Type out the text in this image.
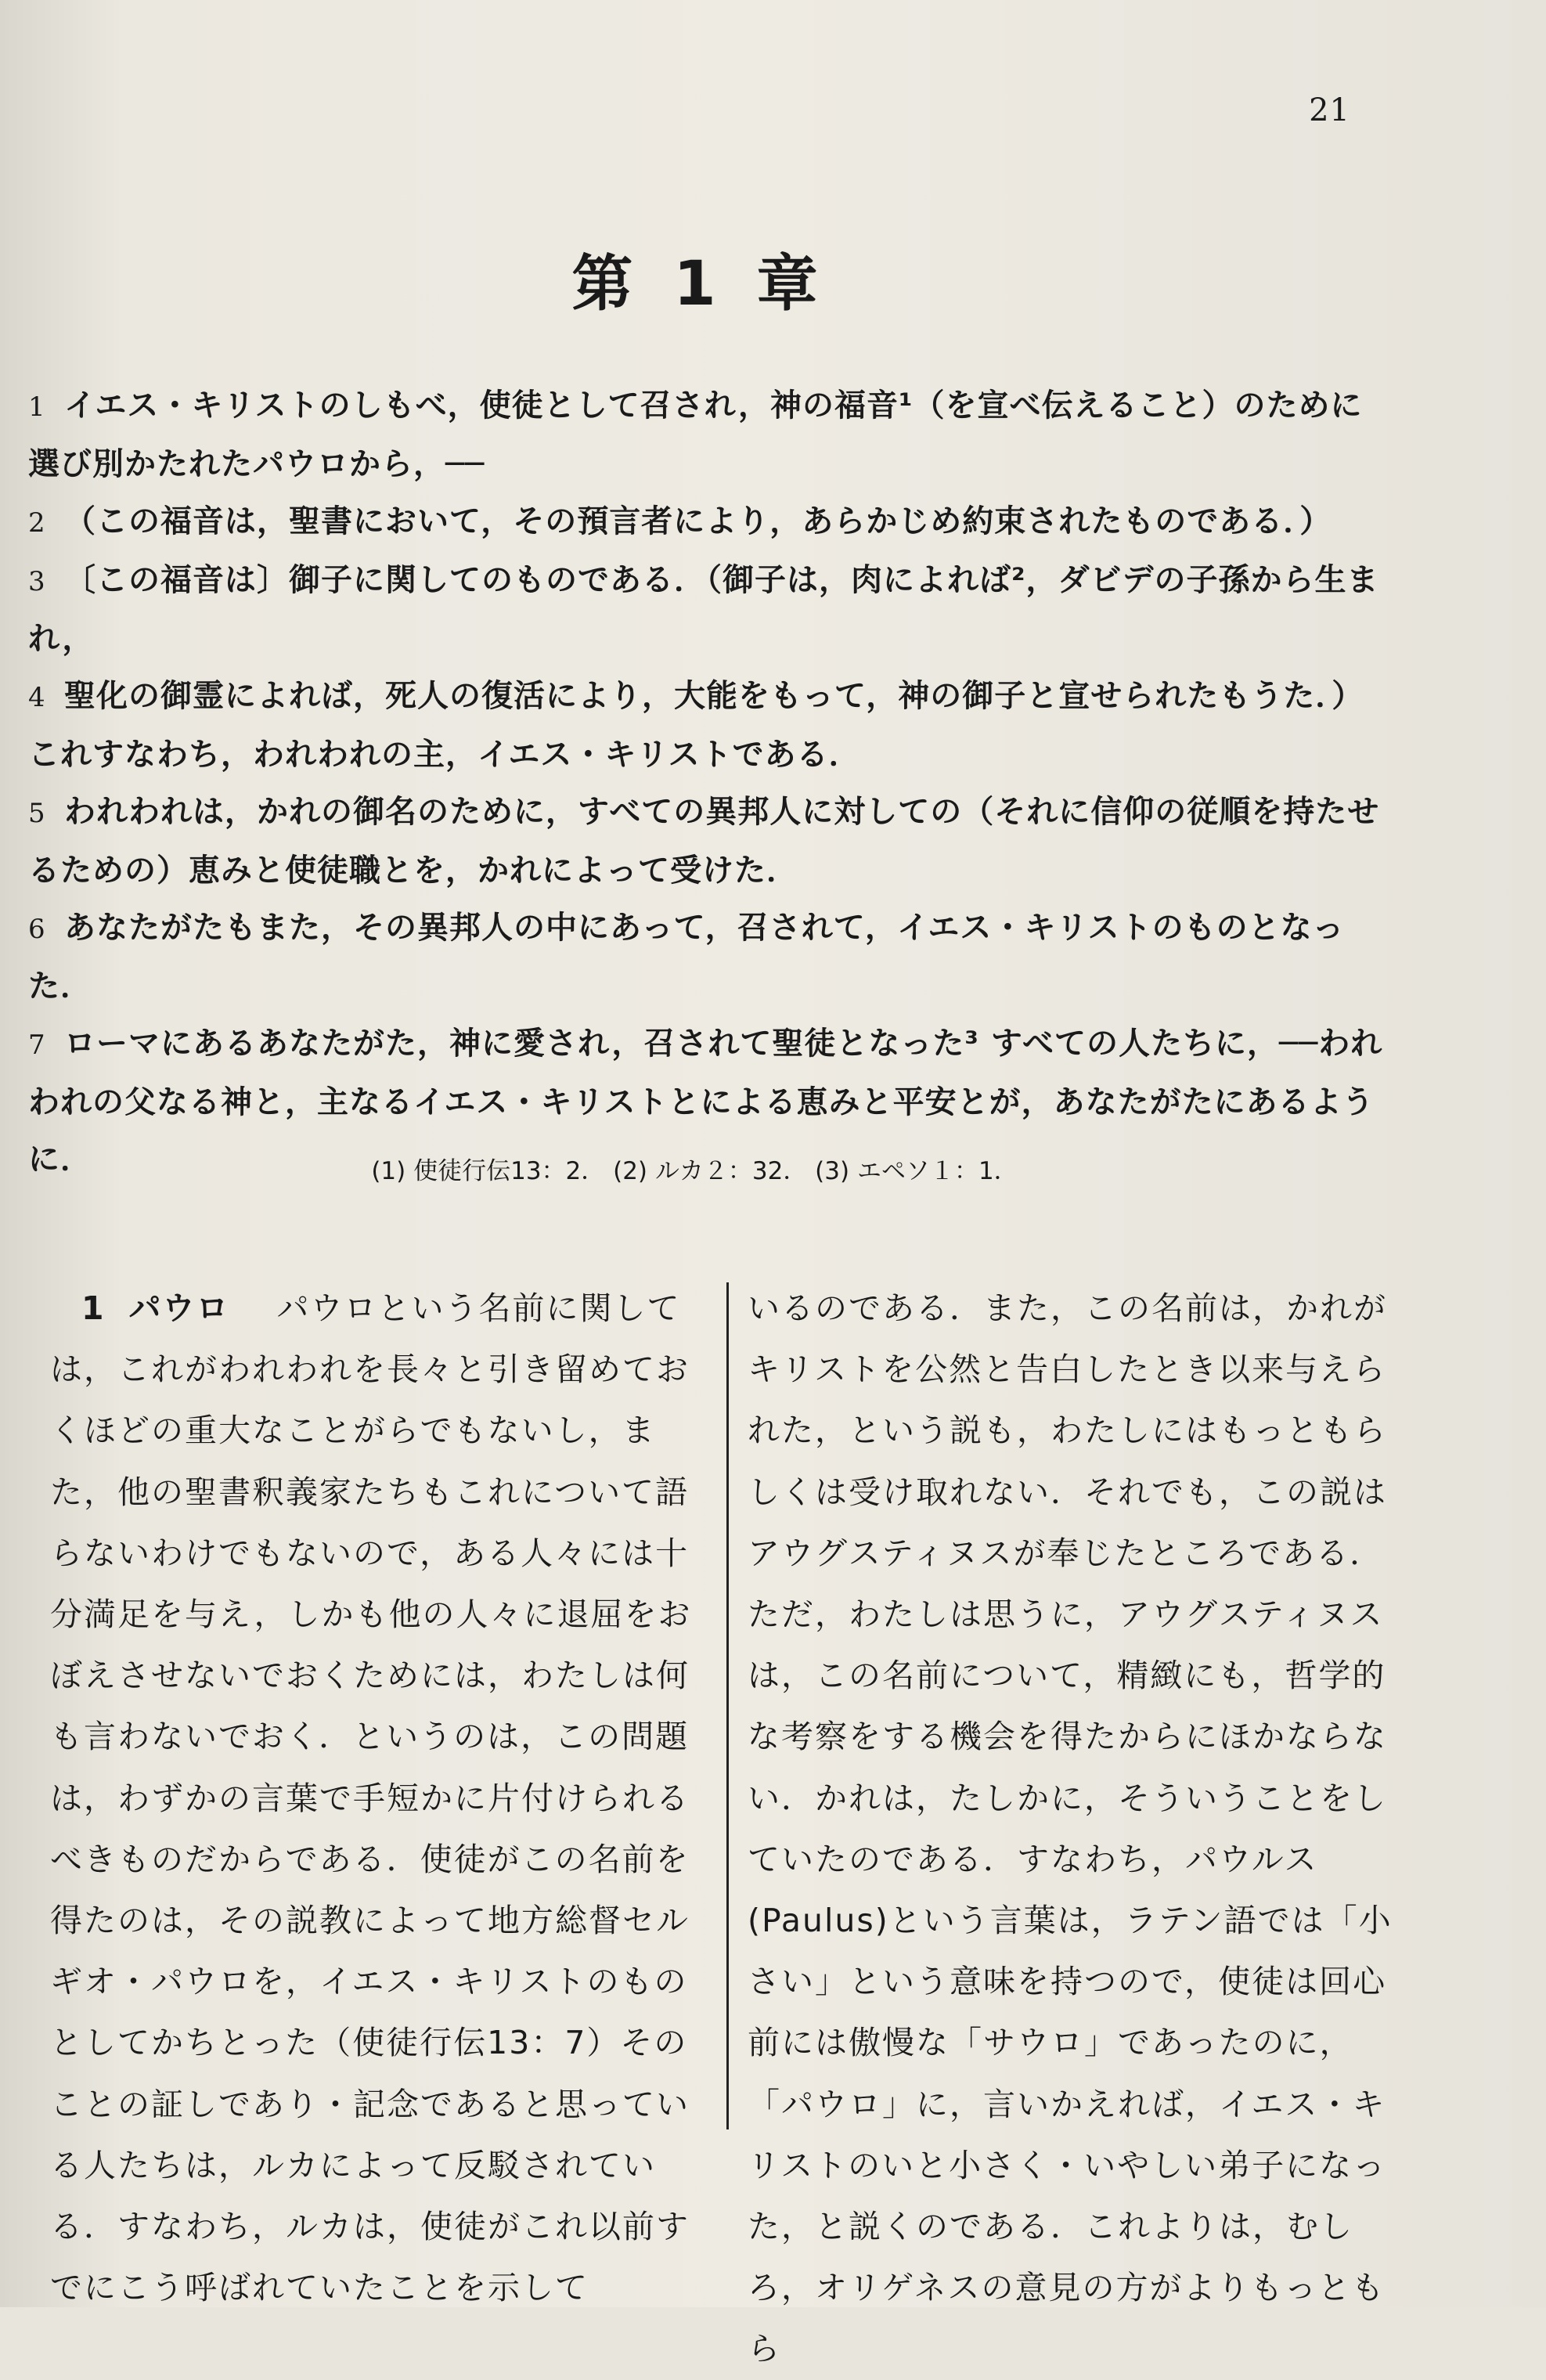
21
第 1 章

1 イエス・キリストのしもべ，使徒として召され，神の福音¹（を宣べ伝えること）のために選び別かたれたパウロから，──

2 （この福音は，聖書において，その預言者により，あらかじめ約束されたものである．）

3 〔この福音は〕御子に関してのものである．（御子は，肉によれば²，ダビデの子孫から生まれ，

4 聖化の御霊によれば，死人の復活により，大能をもって，神の御子と宣せられたもうた．）これすなわち，われわれの主，イエス・キリストである．

5 われわれは，かれの御名のために，すべての異邦人に対しての（それに信仰の従順を持たせるための）恵みと使徒職とを，かれによって受けた．

6 あなたがたもまた，その異邦人の中にあって，召されて，イエス・キリストのものとなった．

7 ローマにあるあなたがた，神に愛され，召されて聖徒となった³ すべての人たちに，──われわれの父なる神と，主なるイエス・キリストとによる恵みと平安とが，あなたがたにあるように．	(1) 使徒行伝13：2． (2) ルカ２：32． (3) エペソ１：1．
1 パウロ パウロという名前に関しては，これがわれわれを長々と引き留めておくほどの重大なことがらでもないし，また，他の聖書釈義家たちもこれについて語らないわけでもないので，ある人々には十分満足を与え，しかも他の人々に退屈をおぼえさせないでおくためには，わたしは何も言わないでおく．というのは，この問題は，わずかの言葉で手短かに片付けられるべきものだからである．使徒がこの名前を得たのは，その説教によって地方総督セルギオ・パウロを，イエス・キリストのものとしてかちとった（使徒行伝13：7）そのことの証しであり・記念であると思っている人たちは，ルカによって反駁されている．すなわち，ルカは，使徒がこれ以前すでにこう呼ばれていたことを示して
いるのである．また，この名前は，かれがキリストを公然と告白したとき以来与えられた，という説も，わたしにはもっともらしくは受け取れない．それでも，この説はアウグスティヌスが奉じたところである．ただ，わたしは思うに，アウグスティヌスは，この名前について，精緻にも，哲学的な考察をする機会を得たからにほかならない．かれは，たしかに，そういうことをしていたのである．すなわち，パウルス(Paulus)という言葉は，ラテン語では「小さい」という意味を持つので，使徒は回心前には傲慢な「サウロ」であったのに，「パウロ」に，言いかえれば，イエス・キリストのいと小さく・いやしい弟子になった，と説くのである．これよりは，むしろ，オリゲネスの意見の方がよりもっともら
